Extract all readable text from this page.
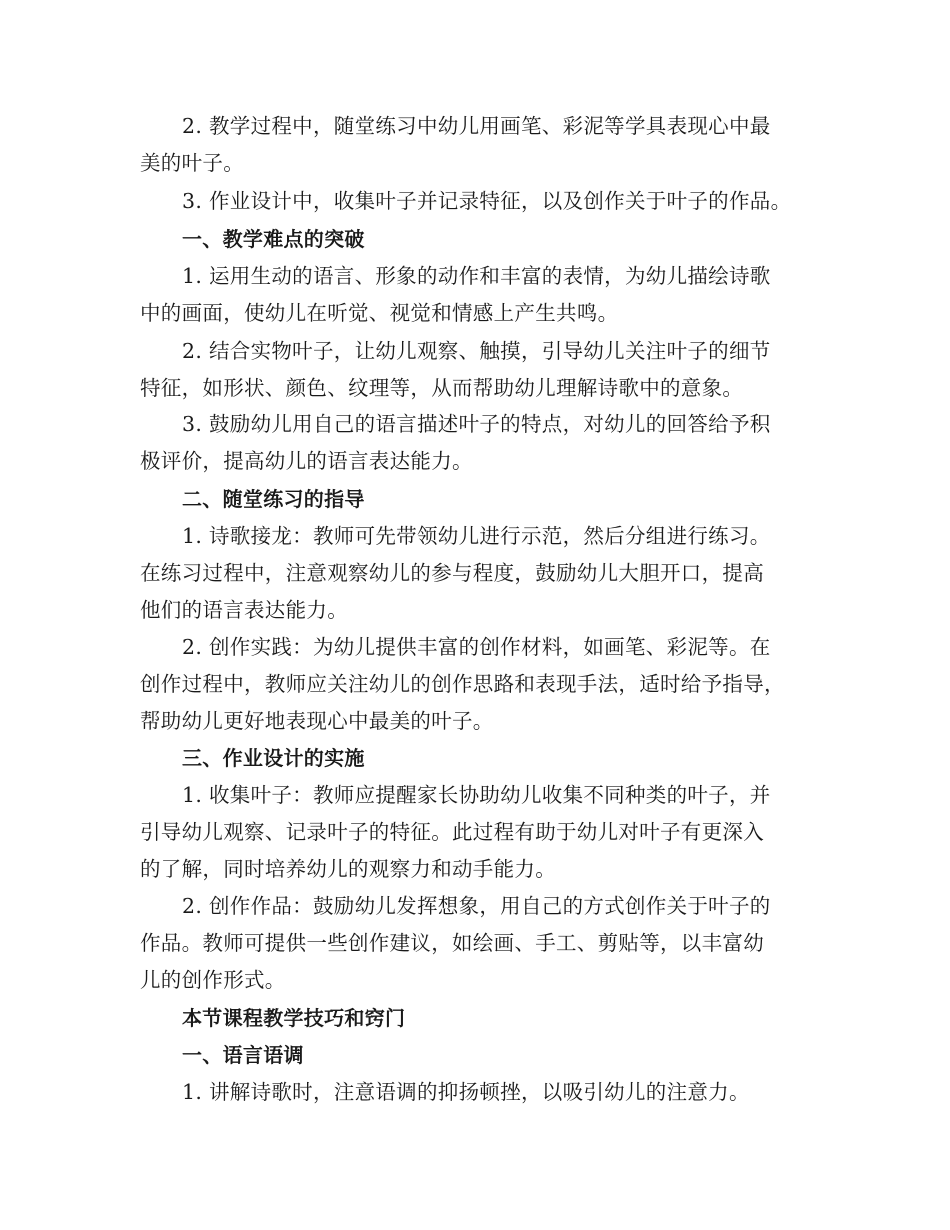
2. 教学过程中，随堂练习中幼儿用画笔、彩泥等学具表现心中最
美的叶子。
3. 作业设计中，收集叶子并记录特征，以及创作关于叶子的作品。
一、教学难点的突破
1. 运用生动的语言、形象的动作和丰富的表情，为幼儿描绘诗歌
中的画面，使幼儿在听觉、视觉和情感上产生共鸣。
2. 结合实物叶子，让幼儿观察、触摸，引导幼儿关注叶子的细节
特征，如形状、颜色、纹理等，从而帮助幼儿理解诗歌中的意象。
3. 鼓励幼儿用自己的语言描述叶子的特点，对幼儿的回答给予积
极评价，提高幼儿的语言表达能力。
二、随堂练习的指导
1. 诗歌接龙：教师可先带领幼儿进行示范，然后分组进行练习。
在练习过程中，注意观察幼儿的参与程度，鼓励幼儿大胆开口，提高
他们的语言表达能力。
2. 创作实践：为幼儿提供丰富的创作材料，如画笔、彩泥等。在
创作过程中，教师应关注幼儿的创作思路和表现手法，适时给予指导，
帮助幼儿更好地表现心中最美的叶子。
三、作业设计的实施
1. 收集叶子：教师应提醒家长协助幼儿收集不同种类的叶子，并
引导幼儿观察、记录叶子的特征。此过程有助于幼儿对叶子有更深入
的了解，同时培养幼儿的观察力和动手能力。
2. 创作作品：鼓励幼儿发挥想象，用自己的方式创作关于叶子的
作品。教师可提供一些创作建议，如绘画、手工、剪贴等，以丰富幼
儿的创作形式。
本节课程教学技巧和窍门
一、语言语调
1. 讲解诗歌时，注意语调的抑扬顿挫，以吸引幼儿的注意力。
